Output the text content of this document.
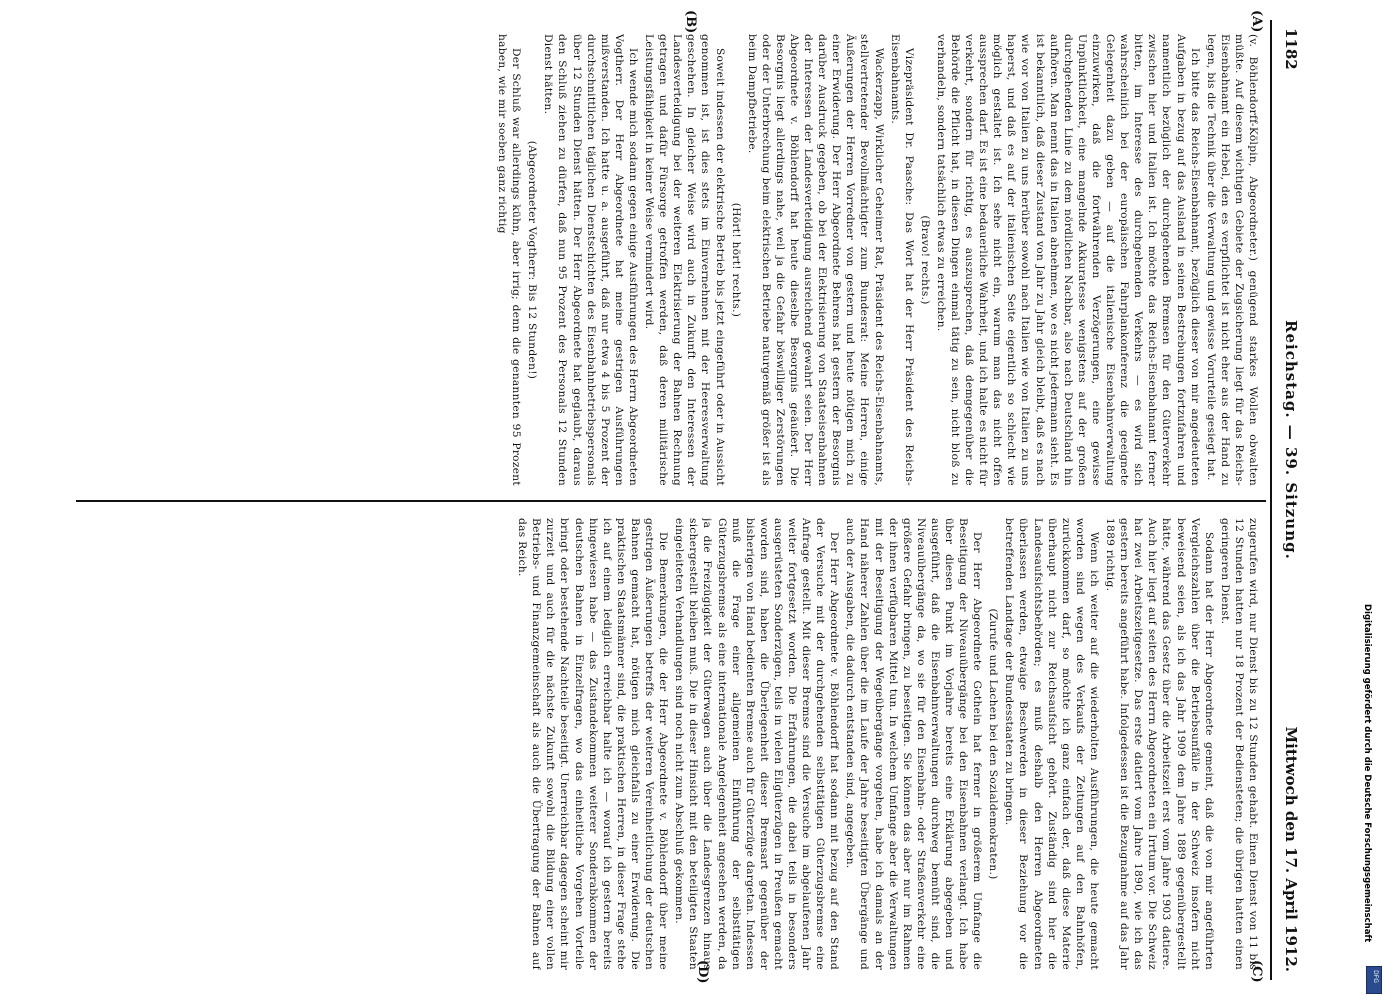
1182
Reichstag. — 39. Sitzung.
Mittwoch den 17. April 1912.
(A)
(B)
(C)
(D)

(v. Böhlendorff-Kölpin, Abgeordneter.) genügend starkes Wollen obwalten müßte. Auf diesem wichtigen Gebiete der Zugsicherung liegt für das Reichs-Eisenbahnamt ein Hebel, den es verpflichtet ist nicht eher aus der Hand zu legen, bis die Technik über die Verwaltung und gewisse Vorurteile gesiegt hat.

Ich bitte das Reichs-Eisenbahnamt, bezüglich dieser von mir angedeuteten Aufgaben in bezug auf das Ausland in seinen Bestrebungen fortzufahren und namentlich bezüglich der durchgehenden Bremsen für den Güterverkehr zwischen hier und Italien ist. Ich möchte das Reichs-Eisenbahnamt ferner bitten, im Interesse des durchgehenden Verkehrs — es wird sich wahrscheinlich bei der europäischen Fahrplankonferenz die geeignete Gelegenheit dazu geben — auf die italienische Eisenbahnverwaltung einzuwirken, daß die fortwährenden Verzögerungen, eine gewisse Unpünktlichkeit, eine mangelnde Akkuratesse wenigstens auf der großen durchgehenden Linie zu dem nördlichen Nachbar, also nach Deutschland hin aufhören. Man nennt das in Italien abnehmen, wo es nicht jedermann sieht. Es ist bekanntlich, daß dieser Zustand von Jahr zu Jahr gleich bleibt, daß es nach wie vor von Italien zu uns herüber sowohl nach Italien wie von Italien zu uns haperst, und daß es auf der italienischen Seite eigentlich so schlecht wie möglich gestaltet ist. Ich sehe nicht ein, warum man das nicht offen aussprechen darf. Es ist eine bedauerliche Wahrheit, und ich halte es nicht für verkehrt, sondern für richtig, es auszusprechen, daß demgegenüber die Behörde die Pflicht hat, in diesen Dingen einmal tätig zu sein, nicht bloß zu verhandeln, sondern tatsächlich etwas zu erreichen.

(Bravo! rechts.)

Vizepräsident Dr. Paasche: Das Wort hat der Herr Präsident des Reichs-Eisenbahnamts.

Wackerzapp, Wirklicher Geheimer Rat, Präsident des Reichs-Eisenbahnamts, stellvertretender Bevollmächtigter zum Bundesrat: Meine Herren, einige Äußerungen der Herren Vorredner von gestern und heute nötigen mich zu einer Erwiderung. Der Herr Abgeordnete Behrens hat gestern der Besorgnis darüber Ausdruck gegeben, ob bei der Elektrisierung von Staatseisenbahnen der Interessen der Landesverteidigung ausreichend gewahrt seien. Der Herr Abgeordnete v. Böhlendorff hat heute dieselbe Besorgnis geäußert. Die Besorgnis liegt allerdings nahe, weil ja die Gefahr böswilliger Zerstörungen oder der Unterbrechung beim elektrischen Betriebe naturgemäß größer ist als beim Dampfbetriebe.

(Hört! hört! rechts.)

Soweit indessen der elektrische Betrieb bis jetzt eingeführt oder in Aussicht genommen ist, ist dies stets im Einvernehmen mit der Heeresverwaltung geschehen. In gleicher Weise wird auch in Zukunft den Interessen der Landesverteidigung bei der weiteren Elektrisierung der Bahnen Rechnung getragen und dafür Fürsorge getroffen werden, daß deren militärische Leistungsfähigkeit in keiner Weise vermindert wird.

Ich wende mich sodann gegen einige Ausführungen des Herrn Abgeordneten Vogtherr. Der Herr Abgeordnete hat meine gestrigen Ausführungen mißverstanden. Ich hatte u. a. ausgeführt, daß nur etwa 4 bis 5 Prozent der durchschnittlichen täglichen Dienstschichten des Eisenbahnbetriebspersonals über 12 Stunden Dienst hätten. Der Herr Abgeordnete hat geglaubt, daraus den Schluß ziehen zu dürfen, daß nun 95 Prozent des Personals 12 Stunden Dienst hätten.

(Abgeordneter Vogtherr: Bis 12 Stunden!)

Der Schluß war allerdings kühn, aber irrig; denn die genannten 95 Prozent haben, wie mir soeben ganz richtig

zugerufen wird, nur Dienst bis zu 12 Stunden gehabt. Einen Dienst von 11 bis 12 Stunden hatten nur 18 Prozent der Bediensteten; die übrigen hatten einen geringeren Dienst.

Sodann hat der Herr Abgeordnete gemeint, daß die von mir angeführten Vergleichszahlen über die Betriebsunfälle in der Schweiz insofern nicht beweisend seien, als ich das Jahr 1909 dem Jahre 1889 gegenübergestellt hätte, während das Gesetz über die Arbeitszeit erst vom Jahre 1903 datiere. Auch hier liegt auf seiten des Herrn Abgeordneten ein Irrtum vor. Die Schweiz hat zwei Arbeitszeitgesetze. Das erste datiert vom Jahre 1890, wie ich das gestern bereits angeführt habe. Infolgedessen ist die Bezugnahme auf das Jahr 1889 richtig.

Wenn ich weiter auf die wiederholten Ausführungen, die heute gemacht worden sind wegen des Verkaufs der Zeitungen auf den Bahnhöfen, zurückkommen darf, so möchte ich ganz einfach der, daß diese Materie überhaupt nicht zur Reichsaufsicht gehört. Zuständig sind hier die Landesaufsichtsbehörden; es muß deshalb den Herren Abgeordneten überlassen werden, etwaige Beschwerden in dieser Beziehung vor die betreffenden Landtage der Bundesstaaten zu bringen.

(Zurufe und Lachen bei den Sozialdemokraten.)

Der Herr Abgeordnete Gothein hat ferner in größerem Umfange die Beseitigung der Niveauübergänge bei den Eisenbahnen verlangt. Ich habe über diesen Punkt im Vorjahre bereits eine Erklärung abgegeben und ausgeführt, daß die Eisenbahnverwaltungen durchweg bemüht sind, die Niveauübergänge da, wo sie für den Eisenbahn- oder Straßenverkehr eine größere Gefahr bringen, zu beseitigen. Sie können das aber nur im Rahmen der ihnen verfügbaren Mittel tun. In welchem Umfange aber die Verwaltungen mit der Beseitigung der Wegeübergänge vorgehen, habe ich damals an der Hand näherer Zahlen über die im Laufe der Jahre beseitigten Übergänge und auch der Ausgaben, die dadurch entstanden sind, angegeben.

Der Herr Abgeordnete v. Böhlendorff hat sodann mit bezug auf den Stand der Versuche mit der durchgehenden selbsttätigen Güterzugsbremse eine Anfrage gestellt. Mit dieser Bremse sind die Versuche im abgelaufenen Jahr weiter fortgesetzt worden. Die Erfahrungen, die dabei teils in besonders ausgerüsteten Sonderzügen, teils in vielen Eilgüterzügen in Preußen gemacht worden sind, haben die Überlegenheit dieser Bremsart gegenüber der bisherigen von Hand bedienten Bremse auch für Güterzüge dargetan. Indessen muß die Frage einer allgemeinen Einführung der selbsttätigen Güterzugsbremse als eine internationale Angelegenheit angesehen werden, da ja die Freizügigkeit der Güterwagen auch über die Landesgrenzen hinaus sichergestellt bleiben muß. Die in dieser Hinsicht mit den beteiligten Staaten eingeleiteten Verhandlungen sind noch nicht zum Abschluß gekommen.

Die Bemerkungen, die der Herr Abgeordnete v. Böhlendorff über meine gestrigen Äußerungen betreffs der weiteren Vereinheitlichung der deutschen Bahnen gemacht hat, nötigen mich gleichfalls zu einer Erwiderung. Die praktischen Staatsmänner sind, die praktischen Herren, in dieser Frage stehe ich auf einem lediglich erreichbar halte ich — worauf ich gestern bereits hingewiesen habe — das Zustandekommen weiterer Sonderabkommen der deutschen Bahnen in Einzelfragen, wo das einheitliche Vorgehen Vorteile bringt oder bestehende Nachteile beseitigt. Unerreichbar dagegen scheint mir zurzeit und auch für die nächste Zukunft sowohl die Bildung einer vollen Betriebs- und Finanzgemeinschaft als auch die Übertragung der Bahnen auf das Reich.

Digitalisierung gefördert durch die Deutsche Forschungsgemeinschaft
DFG
